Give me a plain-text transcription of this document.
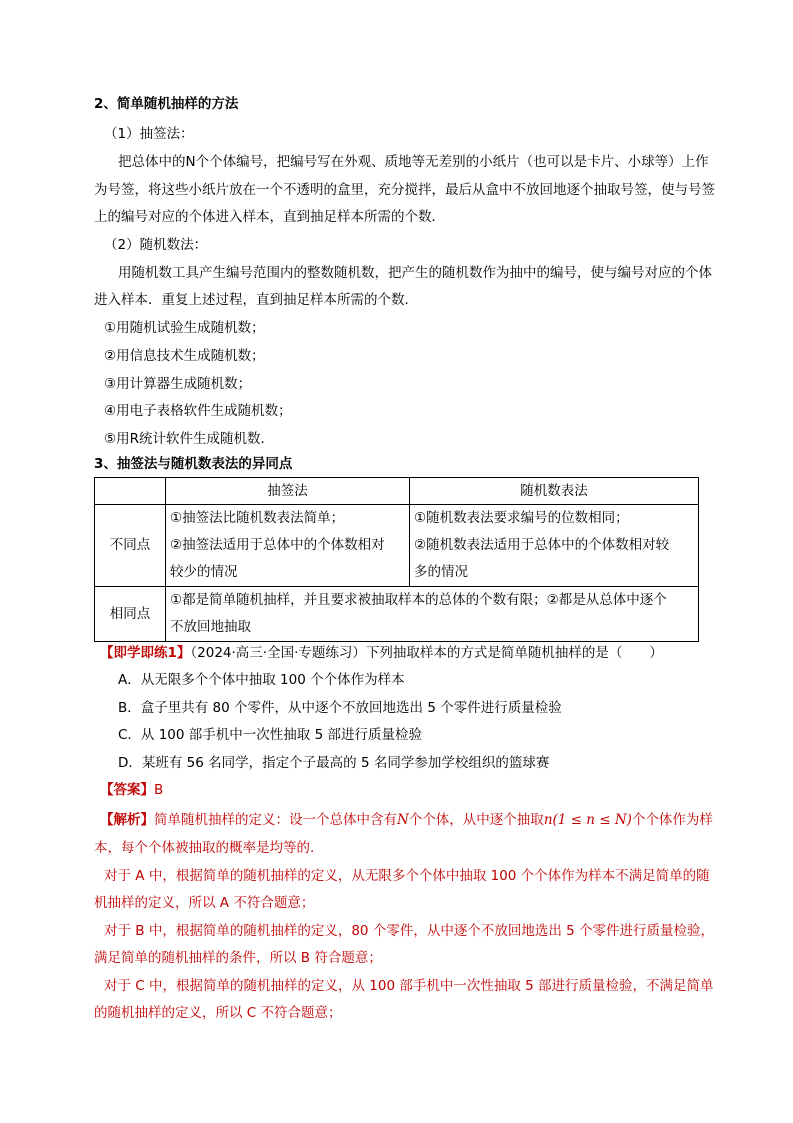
2、简单随机抽样的方法
（1）抽签法：
把总体中的N个个体编号，把编号写在外观、质地等无差别的小纸片（也可以是卡片、小球等）上作
为号签，将这些小纸片放在一个不透明的盒里，充分搅拌，最后从盒中不放回地逐个抽取号签，使与号签
上的编号对应的个体进入样本，直到抽足样本所需的个数．
（2）随机数法：
用随机数工具产生编号范围内的整数随机数，把产生的随机数作为抽中的编号，使与编号对应的个体
进入样本．重复上述过程，直到抽足样本所需的个数．
①用随机试验生成随机数；
②用信息技术生成随机数；
③用计算器生成随机数；
④用电子表格软件生成随机数；
⑤用R统计软件生成随机数．
3、抽签法与随机数表法的异同点
	抽签法	随机数表法
不同点	①抽签法比随机数表法简单；
②抽签法适用于总体中的个体数相对
较少的情况	①随机数表法要求编号的位数相同；
②随机数表法适用于总体中的个体数相对较
多的情况

相同点	①都是简单随机抽样，并且要求被抽取样本的总体的个数有限；②都是从总体中逐个
不放回地抽取	
【即学即练1】（2024·高三·全国·专题练习）下列抽取样本的方式是简单随机抽样的是（　　）
A．从无限多个个体中抽取 100 个个体作为样本
B．盒子里共有 80 个零件，从中逐个不放回地选出 5 个零件进行质量检验
C．从 100 部手机中一次性抽取 5 部进行质量检验
D．某班有 56 名同学，指定个子最高的 5 名同学参加学校组织的篮球赛
【答案】B
【解析】简单随机抽样的定义：设一个总体中含有N个个体，从中逐个抽取n(1 ≤ n ≤ N)个个体作为样
本，每个个体被抽取的概率是均等的.
对于 A 中，根据简单的随机抽样的定义，从无限多个个体中抽取 100 个个体作为样本不满足简单的随
机抽样的定义，所以 A 不符合题意；
对于 B 中，根据简单的随机抽样的定义，80 个零件，从中逐个不放回地选出 5 个零件进行质量检验，
满足简单的随机抽样的条件，所以 B 符合题意；
对于 C 中，根据简单的随机抽样的定义，从 100 部手机中一次性抽取 5 部进行质量检验，不满足简单
的随机抽样的定义，所以 C 不符合题意；
